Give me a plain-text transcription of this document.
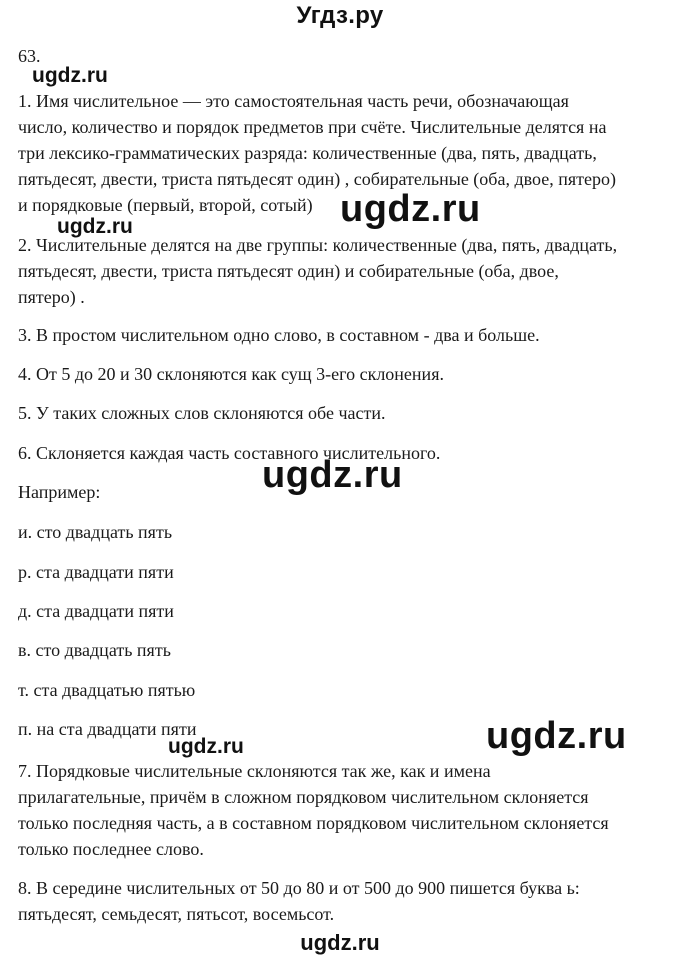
Угдз.ру
63.
ugdz.ru
1. Имя числительное — это самостоятельная часть речи, обозначающая
число, количество и порядок предметов при счёте. Числительные делятся на
три лексико-грамматических разряда: количественные (два, пять, двадцать,
пятьдесят, двести, триста пятьдесят один) , собирательные (оба, двое, пятеро)
и порядковые (первый, второй, сотый)
ugdz.ru	ugdz.ru
2. Числительные делятся на две группы: количественные (два, пять, двадцать,
пятьдесят, двести, триста пятьдесят один) и собирательные (оба, двое,
пятеро) .
3. В простом числительном одно слово, в составном - два и больше.
4. От 5 до 20 и 30 склоняются как сущ 3-его склонения.
5. У таких сложных слов склоняются обе части.
6. Склоняется каждая часть составного числительного.
ugdz.ru
Например:
и. сто двадцать пять
р. ста двадцати пяти
д. ста двадцати пяти
в. сто двадцать пять
т. ста двадцатью пятью
п. на ста двадцати пяти	ugdz.ru
ugdz.ru
7. Порядковые числительные склоняются так же, как и имена
прилагательные, причём в сложном порядковом числительном склоняется
только последняя часть, а в составном порядковом числительном склоняется
только последнее слово.
8. В середине числительных от 50 до 80 и от 500 до 900 пишется буква ь:
пятьдесят, семьдесят, пятьсот, восемьсот.
ugdz.ru
